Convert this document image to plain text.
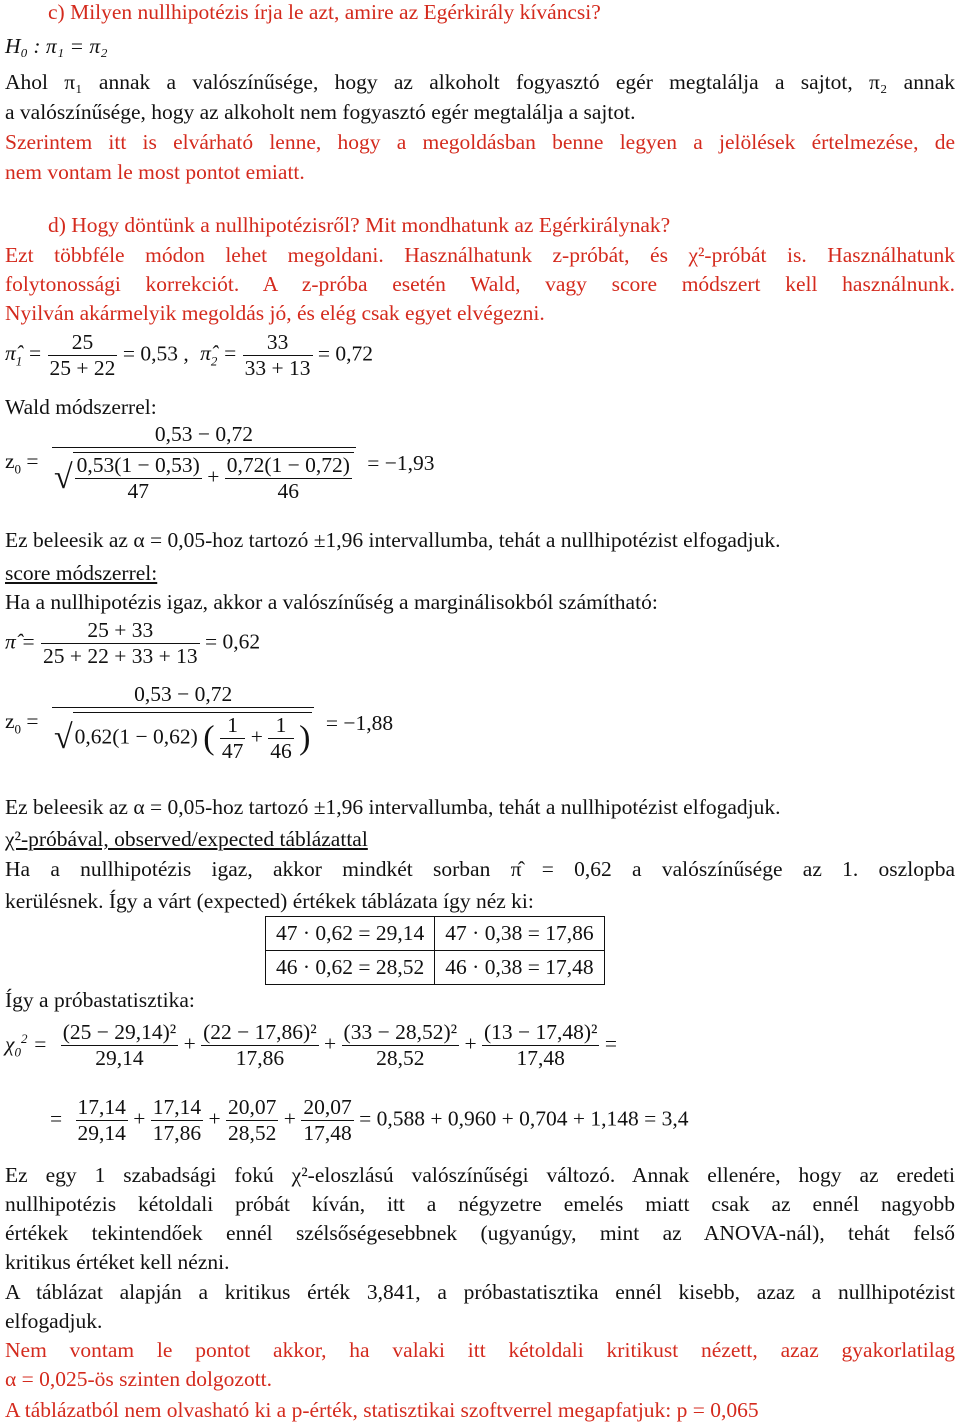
c) Milyen nullhipotézis írja le azt, amire az Egérkirály kíváncsi?
H₀ : π₁ = π₂
Ahol π₁ annak a valószínűsége, hogy az alkoholt fogyasztó egér megtalálja a sajtot, π₂ annak
a valószínűsége, hogy az alkoholt nem fogyasztó egér megtalálja a sajtot.
Szerintem itt is elvárható lenne, hogy a megoldásban benne legyen a jelölések értelmezése, de
nem vontam le most pontot emiatt.
d) Hogy döntünk a nullhipotézisről? Mit mondhatunk az Egérkirálynak?
Ezt többféle módon lehet megoldani. Használhatunk z-próbát, és χ²-próbát is. Használhatunk
folytonossági korrekciót. A z-próba esetén Wald, vagy score módszert kell használnunk.
Nyilván akármelyik megoldás jó, és elég csak egyet elvégezni.
$\pî_1 = \frac{25}{25 + 22} = 0,53$ , $\pî_2 = \frac{33}{33 + 13} = 0,72$
Wald módszerrel:
$z_0$ =
0,53 − 0,72
√ $\frac{0,53(1 - 0,53)}{47} + \frac{0,72(1 - 0,72)}{46} = -1,93$
Ez beleesik az α = 0,05-hoz tartozó ±1,96 intervallumba, tehát a nullhipotézist elfogadjuk.
score módszerrel:
Ha a nullhipotézis igaz, akkor a valószínűség a marginálisokból számítható:
π̂ = $\frac{25 + 33}{25 + 22 + 33 + 13} = 0,62$
$z_0$ =
0,53 − 0,72
√0,62(1 − 0,62) ( $\frac{1}{47} + \frac{1}{46}$ ) = −1,88
Ez beleesik az α = 0,05-hoz tartozó ±1,96 intervallumba, tehát a nullhipotézist elfogadjuk.
χ²-próbával, observed/expected táblázattal
Ha a nullhipotézis igaz, akkor mindkét sorban π̂ = 0,62 a valószínűsége az 1. oszlopba
kerülésnek. Így a várt (expected) értékek táblázata így néz ki:
47 · 0,62 = 29,14	47 · 0,38 = 17,86
46 · 0,62 = 28,52	46 · 0,38 = 17,48
Így a próbastatisztika:
$\chi_0^2 = \frac{\text{(25 − 29,14)²}}{29,14} + \frac{\text{(22 − 17,86)²}}{17,86} + \frac{\text{(33 − 28,52)²}}{28,52} + \frac{\text{(13 − 17,48)²}}{17,48}$ =
= $\frac{17,14}{29,14} + \frac{17,14}{17,86} + \frac{20,07}{28,52} + \frac{20,07}{17,48} = 0,588 + 0,960 + 0,704 + 1,148 = 3,4$
Ez egy 1 szabadsági fokú χ²-eloszlású valószínűségi változó. Annak ellenére, hogy az eredeti
nullhipotézis kétoldali próbát kíván, itt a négyzetre emelés miatt csak az ennél nagyobb
értékek tekintendőek ennél szélsőségesebbnek (ugyanúgy, mint az ANOVA-nál), tehát felső
kritikus értéket kell nézni.
A táblázat alapján a kritikus érték 3,841, a próbastatisztika ennél kisebb, azaz a nullhipotézist
elfogadjuk.
Nem vontam le pontot akkor, ha valaki itt kétoldali kritikust nézett, azaz gyakorlatilag
α = 0,025-ös szinten dolgozott.
A táblázatból nem olvasható ki a p-érték, statisztikai szoftverrel megapfatjuk: p = 0,065
